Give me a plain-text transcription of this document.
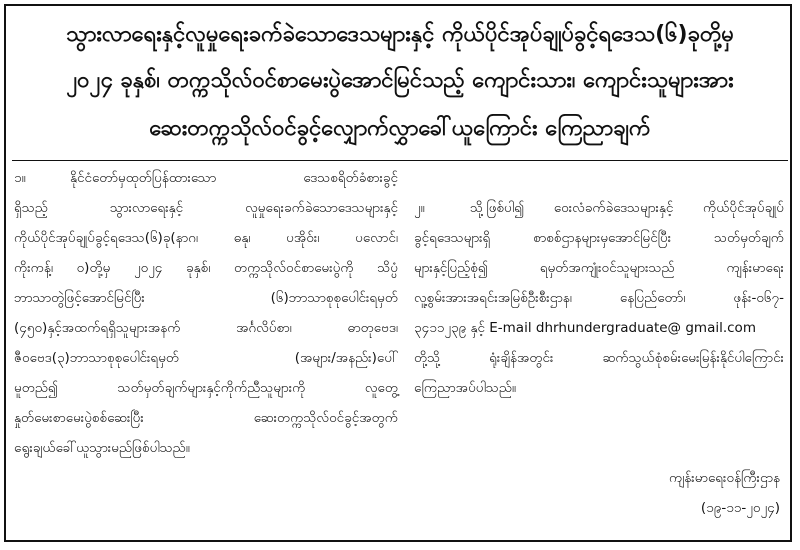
သွားလာရေးနှင့်လူမှုရေးခက်ခဲသောဒေသများနှင့် ကိုယ်ပိုင်အုပ်ချုပ်ခွင့်ရဒေသ(၆)ခုတို့မှ
၂၀၂၄ ခုနှစ်၊ တက္ကသိုလ်ဝင်စာမေးပွဲအောင်မြင်သည့် ကျောင်းသား၊ ကျောင်းသူများအား
ဆေးတက္ကသိုလ်ဝင်ခွင့်လျှောက်လွှာခေါ်ယူကြောင်း ကြေညာချက်
၁။	နိုင်ငံတော်မှထုတ်ပြန်ထားသော ဒေသစရိတ်ခံစားခွင့်
ရှိသည့် သွားလာရေးနှင့် လူမှုရေးခက်ခဲသောဒေသများနှင့်
ကိုယ်ပိုင်အုပ်ချုပ်ခွင့်ရဒေသ(၆)ခု(နာဂ၊ ဓနု၊ ပအိုဝ်း၊ ပလောင်၊
ကိုးကန့်၊ ဝ)တို့မှ ၂၀၂၄ ခုနှစ်၊ တက္ကသိုလ်ဝင်စာမေးပွဲကို သိပ္ပံ
ဘာသာတွဲဖြင့်အောင်မြင်ပြီး (၆)ဘာသာစုစုပေါင်းရမှတ်
(၄၅၀)နှင့်အထက်ရရှိသူများအနက် အင်္ဂလိပ်စာ၊ ဓာတုဗေဒ၊
ဇီဝဗေဒ(၃)ဘာသာစုစုပေါင်းရမှတ် (အများ/အနည်း)ပေါ်
မူတည်၍ သတ်မှတ်ချက်များနှင့်ကိုက်ညီသူများကို လူတွေ့
နှုတ်မေးစာမေးပွဲစစ်ဆေးပြီး ဆေးတက္ကသိုလ်ဝင်ခွင့်အတွက်
ရွေးချယ်ခေါ်ယူသွားမည်ဖြစ်ပါသည်။
၂။	သို့ဖြစ်ပါ၍ ဝေးလံခက်ခဲဒေသများနှင့် ကိုယ်ပိုင်အုပ်ချုပ်
ခွင့်ရဒေသများရှိ စာစစ်ဌာနများမှအောင်မြင်ပြီး သတ်မှတ်ချက်
များနှင့်ပြည့်စုံ၍ ရမှတ်အကျုံးဝင်သူများသည် ကျန်းမာရေး
လူ့စွမ်းအားအရင်းအမြစ်ဦးစီးဌာန၊ နေပြည်တော်၊ ဖုန်း-၀၆၇-
၃၄၁၁၂၃၉ နှင့် E-mail dhrhundergraduate@ gmail.com
တို့သို့ ရုံးချိန်အတွင်း ဆက်သွယ်စုံစမ်းမေးမြန်းနိုင်ပါကြောင်း
ကြေညာအပ်ပါသည်။
ကျန်းမာရေးဝန်ကြီးဌာန
(၁၉-၁၁-၂၀၂၄)
